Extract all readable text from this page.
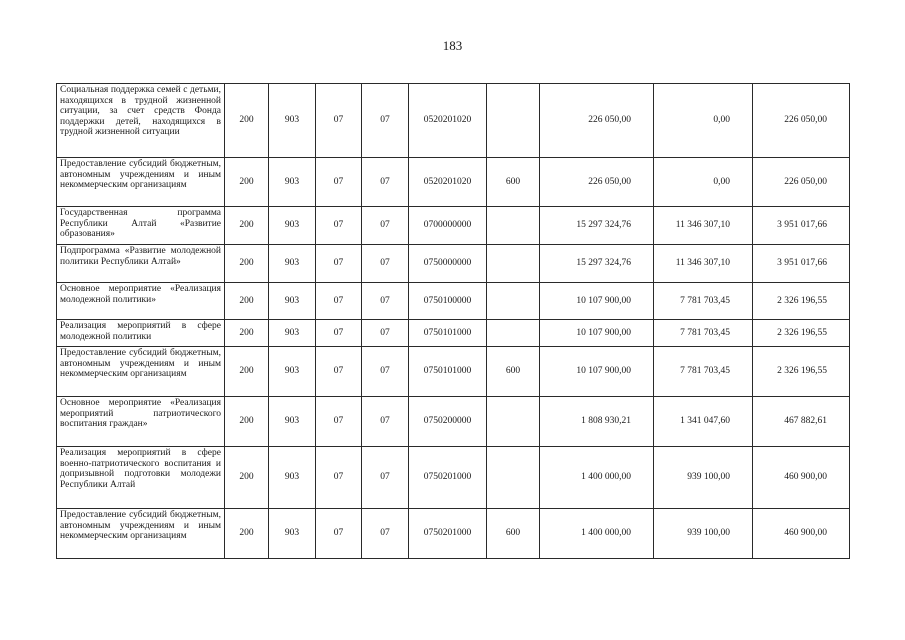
183
Социальная поддержка семей с детьми, находящихся в трудной жизненной ситуации, за счет средств Фонда поддержки детей, находящихся в трудной жизненной ситуации	200	903	07	07	0520201020		226 050,00	0,00	226 050,00
Предоставление субсидий бюджетным, автономным учреждениям и иным некоммерческим организациям	200	903	07	07	0520201020	600	226 050,00	0,00	226 050,00
Государственная программа Республики Алтай «Развитие образования»	200	903	07	07	0700000000		15 297 324,76	11 346 307,10	3 951 017,66
Подпрограмма «Развитие молодежной политики Республики Алтай»	200	903	07	07	0750000000		15 297 324,76	11 346 307,10	3 951 017,66
Основное мероприятие «Реализация молодежной политики»	200	903	07	07	0750100000		10 107 900,00	7 781 703,45	2 326 196,55
Реализация мероприятий в сфере молодежной политики	200	903	07	07	0750101000		10 107 900,00	7 781 703,45	2 326 196,55
Предоставление субсидий бюджетным, автономным учреждениям и иным некоммерческим организациям	200	903	07	07	0750101000	600	10 107 900,00	7 781 703,45	2 326 196,55
Основное мероприятие «Реализация мероприятий патриотического воспитания граждан»	200	903	07	07	0750200000		1 808 930,21	1 341 047,60	467 882,61
Реализация мероприятий в сфере военно-патриотического воспитания и допризывной подготовки молодежи Республики Алтай	200	903	07	07	0750201000		1 400 000,00	939 100,00	460 900,00
Предоставление субсидий бюджетным, автономным учреждениям и иным некоммерческим организациям	200	903	07	07	0750201000	600	1 400 000,00	939 100,00	460 900,00
